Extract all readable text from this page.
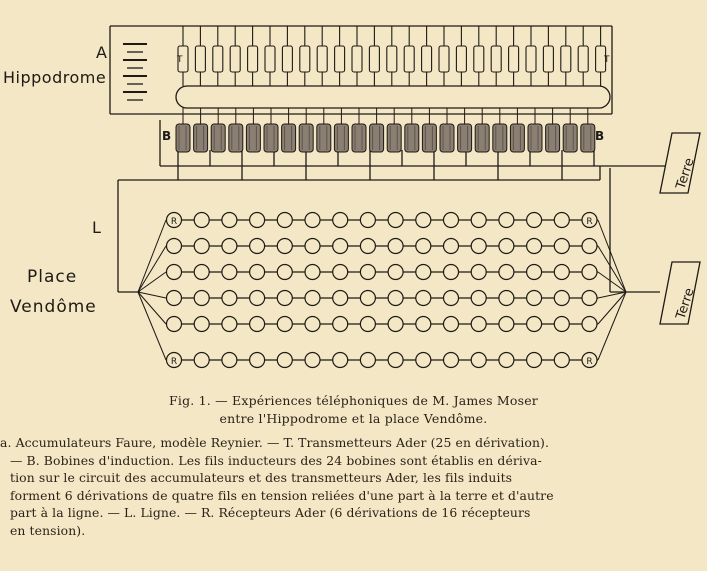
R	R
R	R
Terre
Terre
A
Hippodrome
T	T
B	B
L
Place
Vendôme
Fig. 1. — Expériences téléphoniques de M. James Moser
entre l'Hippodrome et la place Vendôme.
a. Accumulateurs Faure, modèle Reynier. — T. Transmetteurs Ader (25 en dérivation).
— B. Bobines d'induction. Les fils inducteurs des 24 bobines sont établis en dériva-
tion sur le circuit des accumulateurs et des transmetteurs Ader, les fils induits
forment 6 dérivations de quatre fils en tension reliées d'une part à la terre et d'autre
part à la ligne. — L. Ligne. — R. Récepteurs Ader (6 dérivations de 16 récepteurs
en tension).
